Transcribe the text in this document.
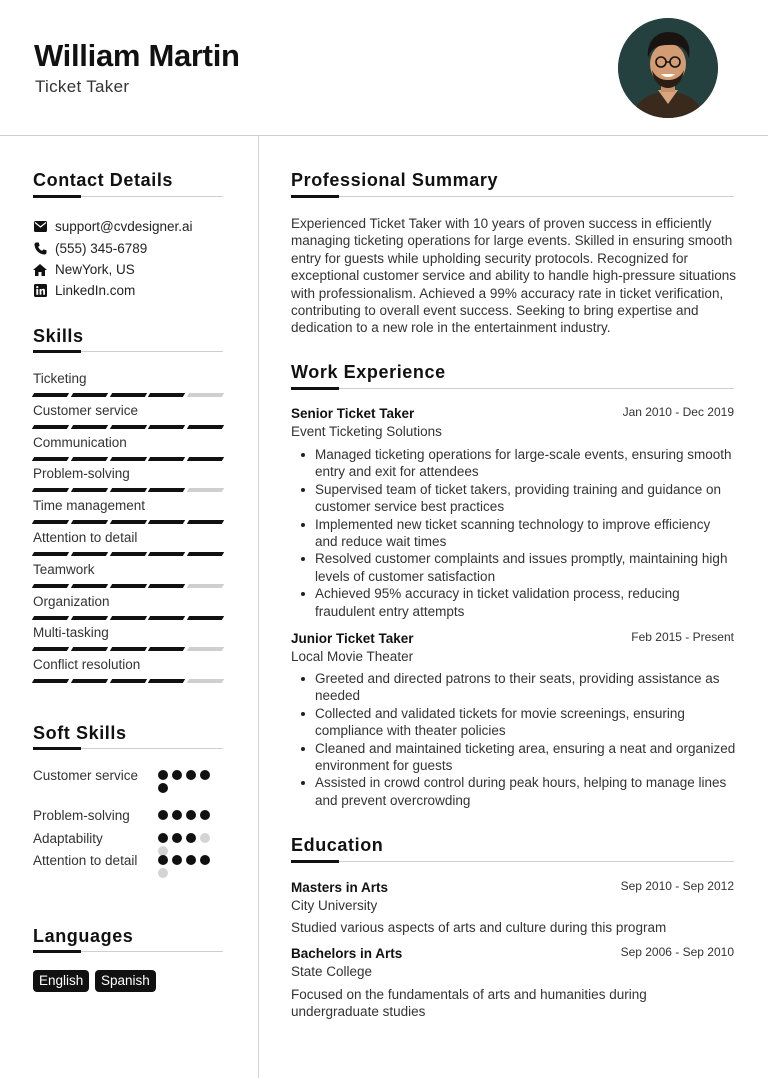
William Martin
Ticket Taker
Contact Details
support@cvdesigner.ai
(555) 345-6789
NewYork, US
LinkedIn.com
Skills
Ticketing
Customer service
Communication
Problem-solving
Time management
Attention to detail
Teamwork
Organization
Multi-tasking
Conflict resolution
Soft Skills
Customer service
Problem-solving
Adaptability
Attention to detail
Languages
English	Spanish
Professional Summary
Experienced Ticket Taker with 10 years of proven success in efficiently managing ticketing operations for large events. Skilled in ensuring smooth entry for guests while upholding security protocols. Recognized for exceptional customer service and ability to handle high-pressure situations with professionalism. Achieved a 99% accuracy rate in ticket verification, contributing to overall event success. Seeking to bring expertise and dedication to a new role in the entertainment industry.
Work Experience
Senior Ticket Taker	Jan 2010 - Dec 2019
Event Ticketing Solutions
Managed ticketing operations for large-scale events, ensuring smooth entry and exit for attendees
Supervised team of ticket takers, providing training and guidance on customer service best practices
Implemented new ticket scanning technology to improve efficiency and reduce wait times
Resolved customer complaints and issues promptly, maintaining high levels of customer satisfaction
Achieved 95% accuracy in ticket validation process, reducing fraudulent entry attempts
Junior Ticket Taker	Feb 2015 - Present
Local Movie Theater
Greeted and directed patrons to their seats, providing assistance as needed
Collected and validated tickets for movie screenings, ensuring compliance with theater policies
Cleaned and maintained ticketing area, ensuring a neat and organized environment for guests
Assisted in crowd control during peak hours, helping to manage lines and prevent overcrowding
Education
Masters in Arts	Sep 2010 - Sep 2012
City University
Studied various aspects of arts and culture during this program
Bachelors in Arts	Sep 2006 - Sep 2010
State College
Focused on the fundamentals of arts and humanities during undergraduate studies
